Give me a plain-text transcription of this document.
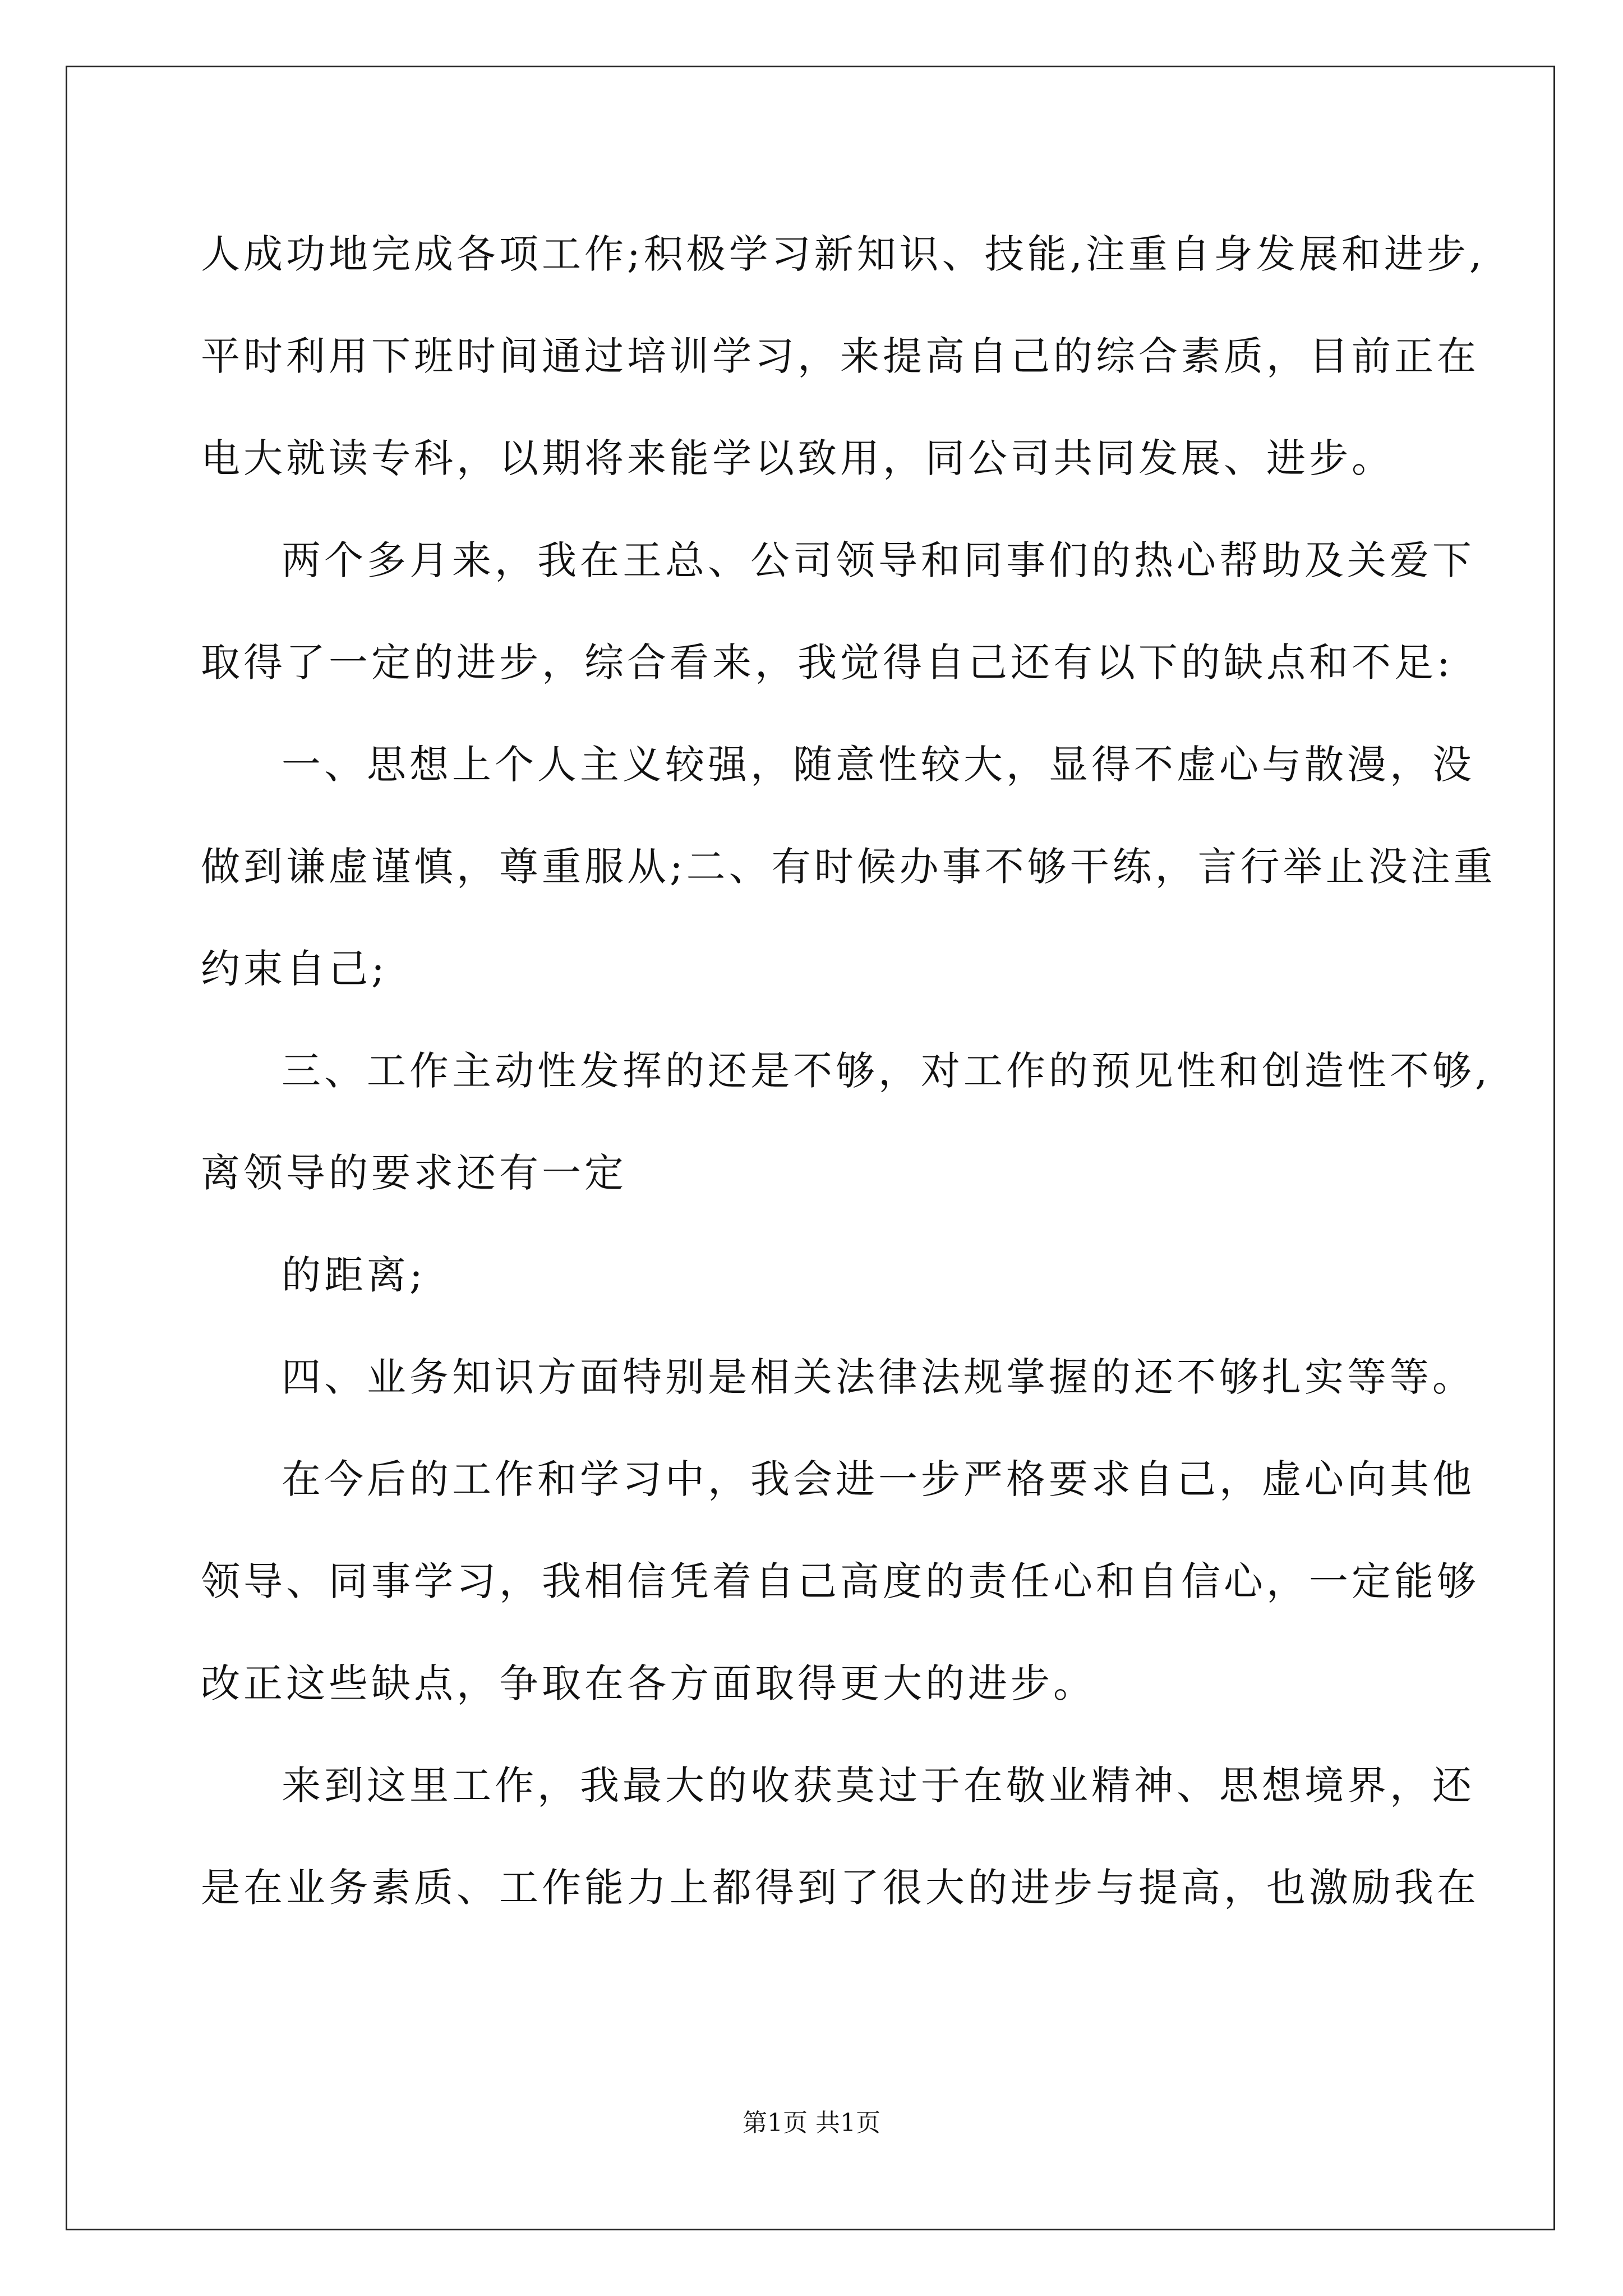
人成功地完成各项工作;积极学习新知识、技能,注重自身发展和进步,

平时利用下班时间通过培训学习，来提高自己的综合素质，目前正在

电大就读专科，以期将来能学以致用，同公司共同发展、进步。

两个多月来，我在王总、公司领导和同事们的热心帮助及关爱下

取得了一定的进步，综合看来，我觉得自己还有以下的缺点和不足:

一、思想上个人主义较强，随意性较大，显得不虚心与散漫，没

做到谦虚谨慎，尊重服从;二、有时候办事不够干练，言行举止没注重

约束自己;

三、工作主动性发挥的还是不够，对工作的预见性和创造性不够,

离领导的要求还有一定

的距离;

四、业务知识方面特别是相关法律法规掌握的还不够扎实等等。

在今后的工作和学习中，我会进一步严格要求自己，虚心向其他

领导、同事学习，我相信凭着自己高度的责任心和自信心，一定能够

改正这些缺点，争取在各方面取得更大的进步。

来到这里工作，我最大的收获莫过于在敬业精神、思想境界，还

是在业务素质、工作能力上都得到了很大的进步与提高，也激励我在

第1页 共1页
